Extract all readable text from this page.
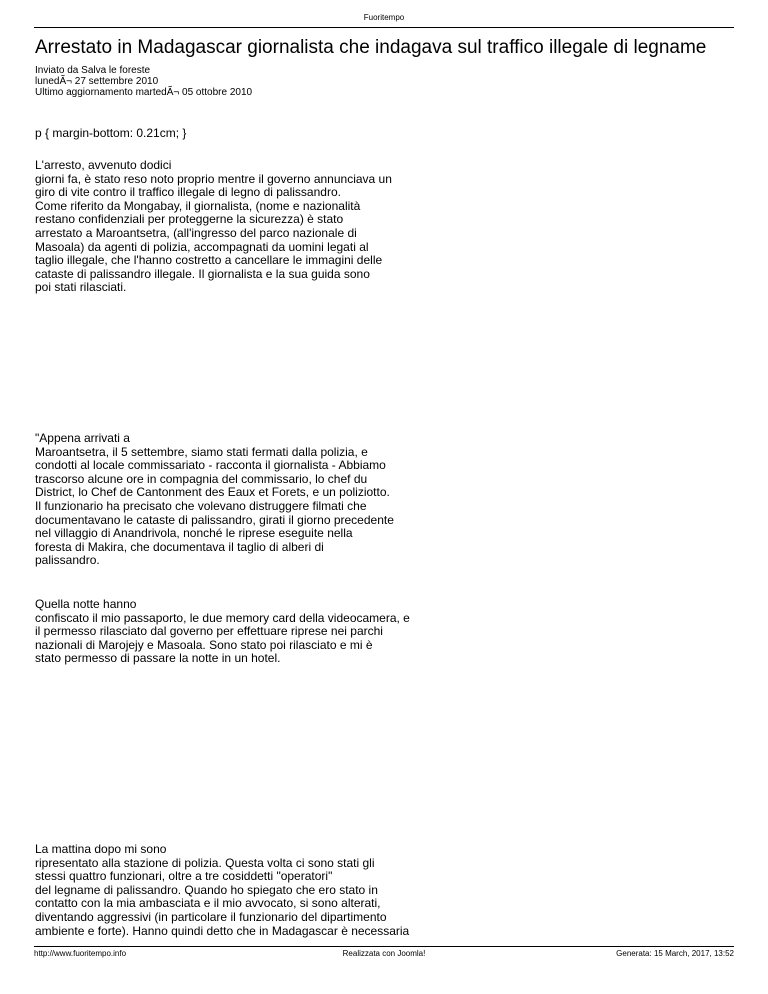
Fuoritempo
Arrestato in Madagascar giornalista che indagava sul traffico illegale di legname
Inviato da Salva le foreste
lunedÃ¬ 27 settembre 2010
Ultimo aggiornamento martedÃ¬ 05 ottobre 2010
p { margin-bottom: 0.21cm; }
L'arresto, avvenuto dodici
giorni fa, è stato reso noto proprio mentre il governo annunciava un
giro di vite contro il traffico illegale di legno di palissandro.
Come riferito da Mongabay, il giornalista, (nome e nazionalità
restano confidenziali per proteggerne la sicurezza) è stato
arrestato a Maroantsetra, (all'ingresso del parco nazionale di
Masoala) da agenti di polizia, accompagnati da uomini legati al
taglio illegale, che l'hanno costretto a cancellare le immagini delle
cataste di palissandro illegale. Il giornalista e la sua guida sono
poi stati rilasciati.
"Appena arrivati a
Maroantsetra, il 5 settembre, siamo stati fermati dalla polizia, e
condotti al locale commissariato - racconta il giornalista - Abbiamo
trascorso alcune ore in compagnia del commissario, lo chef du
District, lo Chef de Cantonment des Eaux et Forets, e un poliziotto.
Il funzionario ha precisato che volevano distruggere filmati che
documentavano le cataste di palissandro, girati il giorno precedente
nel villaggio di Anandrivola, nonché le riprese eseguite nella
foresta di Makira, che documentava il taglio di alberi di
palissandro.
Quella notte hanno
confiscato il mio passaporto, le due memory card della videocamera, e
il permesso rilasciato dal governo per effettuare riprese nei parchi
nazionali di Marojejy e Masoala. Sono stato poi rilasciato e mi è
stato permesso di passare la notte in un hotel.
La mattina dopo mi sono
ripresentato alla stazione di polizia. Questa volta ci sono stati gli
stessi quattro funzionari, oltre a tre cosiddetti "operatori"
del legname di palissandro. Quando ho spiegato che ero stato in
contatto con la mia ambasciata e il mio avvocato, si sono alterati,
diventando aggressivi (in particolare il funzionario del dipartimento
ambiente e forte). Hanno quindi detto che in Madagascar è necessaria
http://www.fuoritempo.info	Realizzata con Joomla!	Generata: 15 March, 2017, 13:52
